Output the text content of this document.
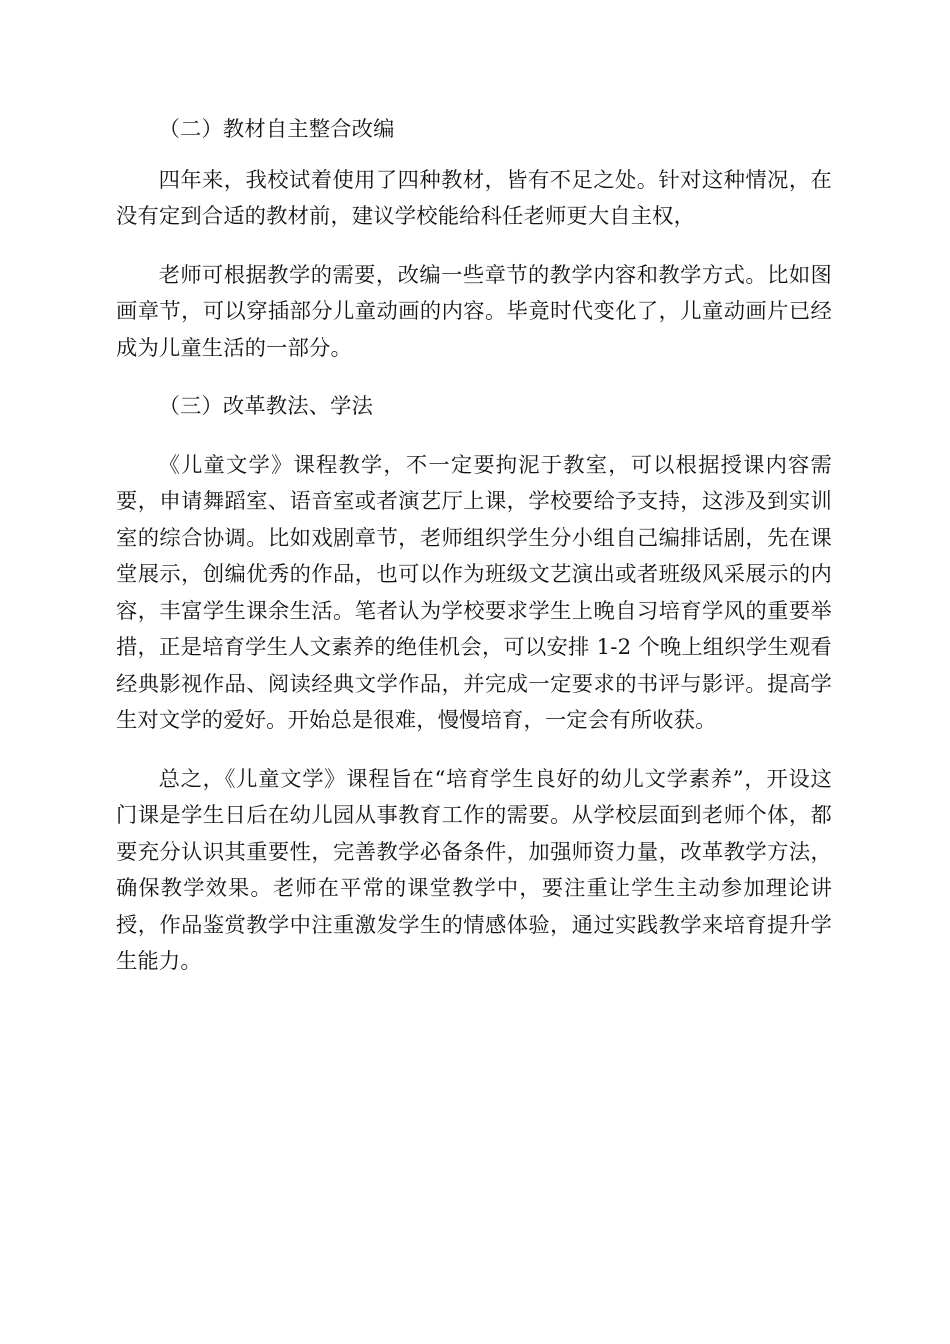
（二）教材自主整合改编

四年来，我校试着使用了四种教材，皆有不足之处。针对这种情况，在没有定到合适的教材前，建议学校能给科任老师更大自主权，

老师可根据教学的需要，改编一些章节的教学内容和教学方式。比如图画章节，可以穿插部分儿童动画的内容。毕竟时代变化了，儿童动画片已经成为儿童生活的一部分。

（三）改革教法、学法

《儿童文学》课程教学，不一定要拘泥于教室，可以根据授课内容需要，申请舞蹈室、语音室或者演艺厅上课，学校要给予支持，这涉及到实训室的综合协调。比如戏剧章节，老师组织学生分小组自己编排话剧，先在课堂展示，创编优秀的作品，也可以作为班级文艺演出或者班级风采展示的内容，丰富学生课余生活。笔者认为学校要求学生上晚自习培育学风的重要举措，正是培育学生人文素养的绝佳机会，可以安排 1-2 个晚上组织学生观看经典影视作品、阅读经典文学作品，并完成一定要求的书评与影评。提高学生对文学的爱好。开始总是很难，慢慢培育，一定会有所收获。

总之，《儿童文学》课程旨在“培育学生良好的幼儿文学素养”，开设这门课是学生日后在幼儿园从事教育工作的需要。从学校层面到老师个体，都要充分认识其重要性，完善教学必备条件，加强师资力量，改革教学方法，确保教学效果。老师在平常的课堂教学中，要注重让学生主动参加理论讲授，作品鉴赏教学中注重激发学生的情感体验，通过实践教学来培育提升学生能力。
